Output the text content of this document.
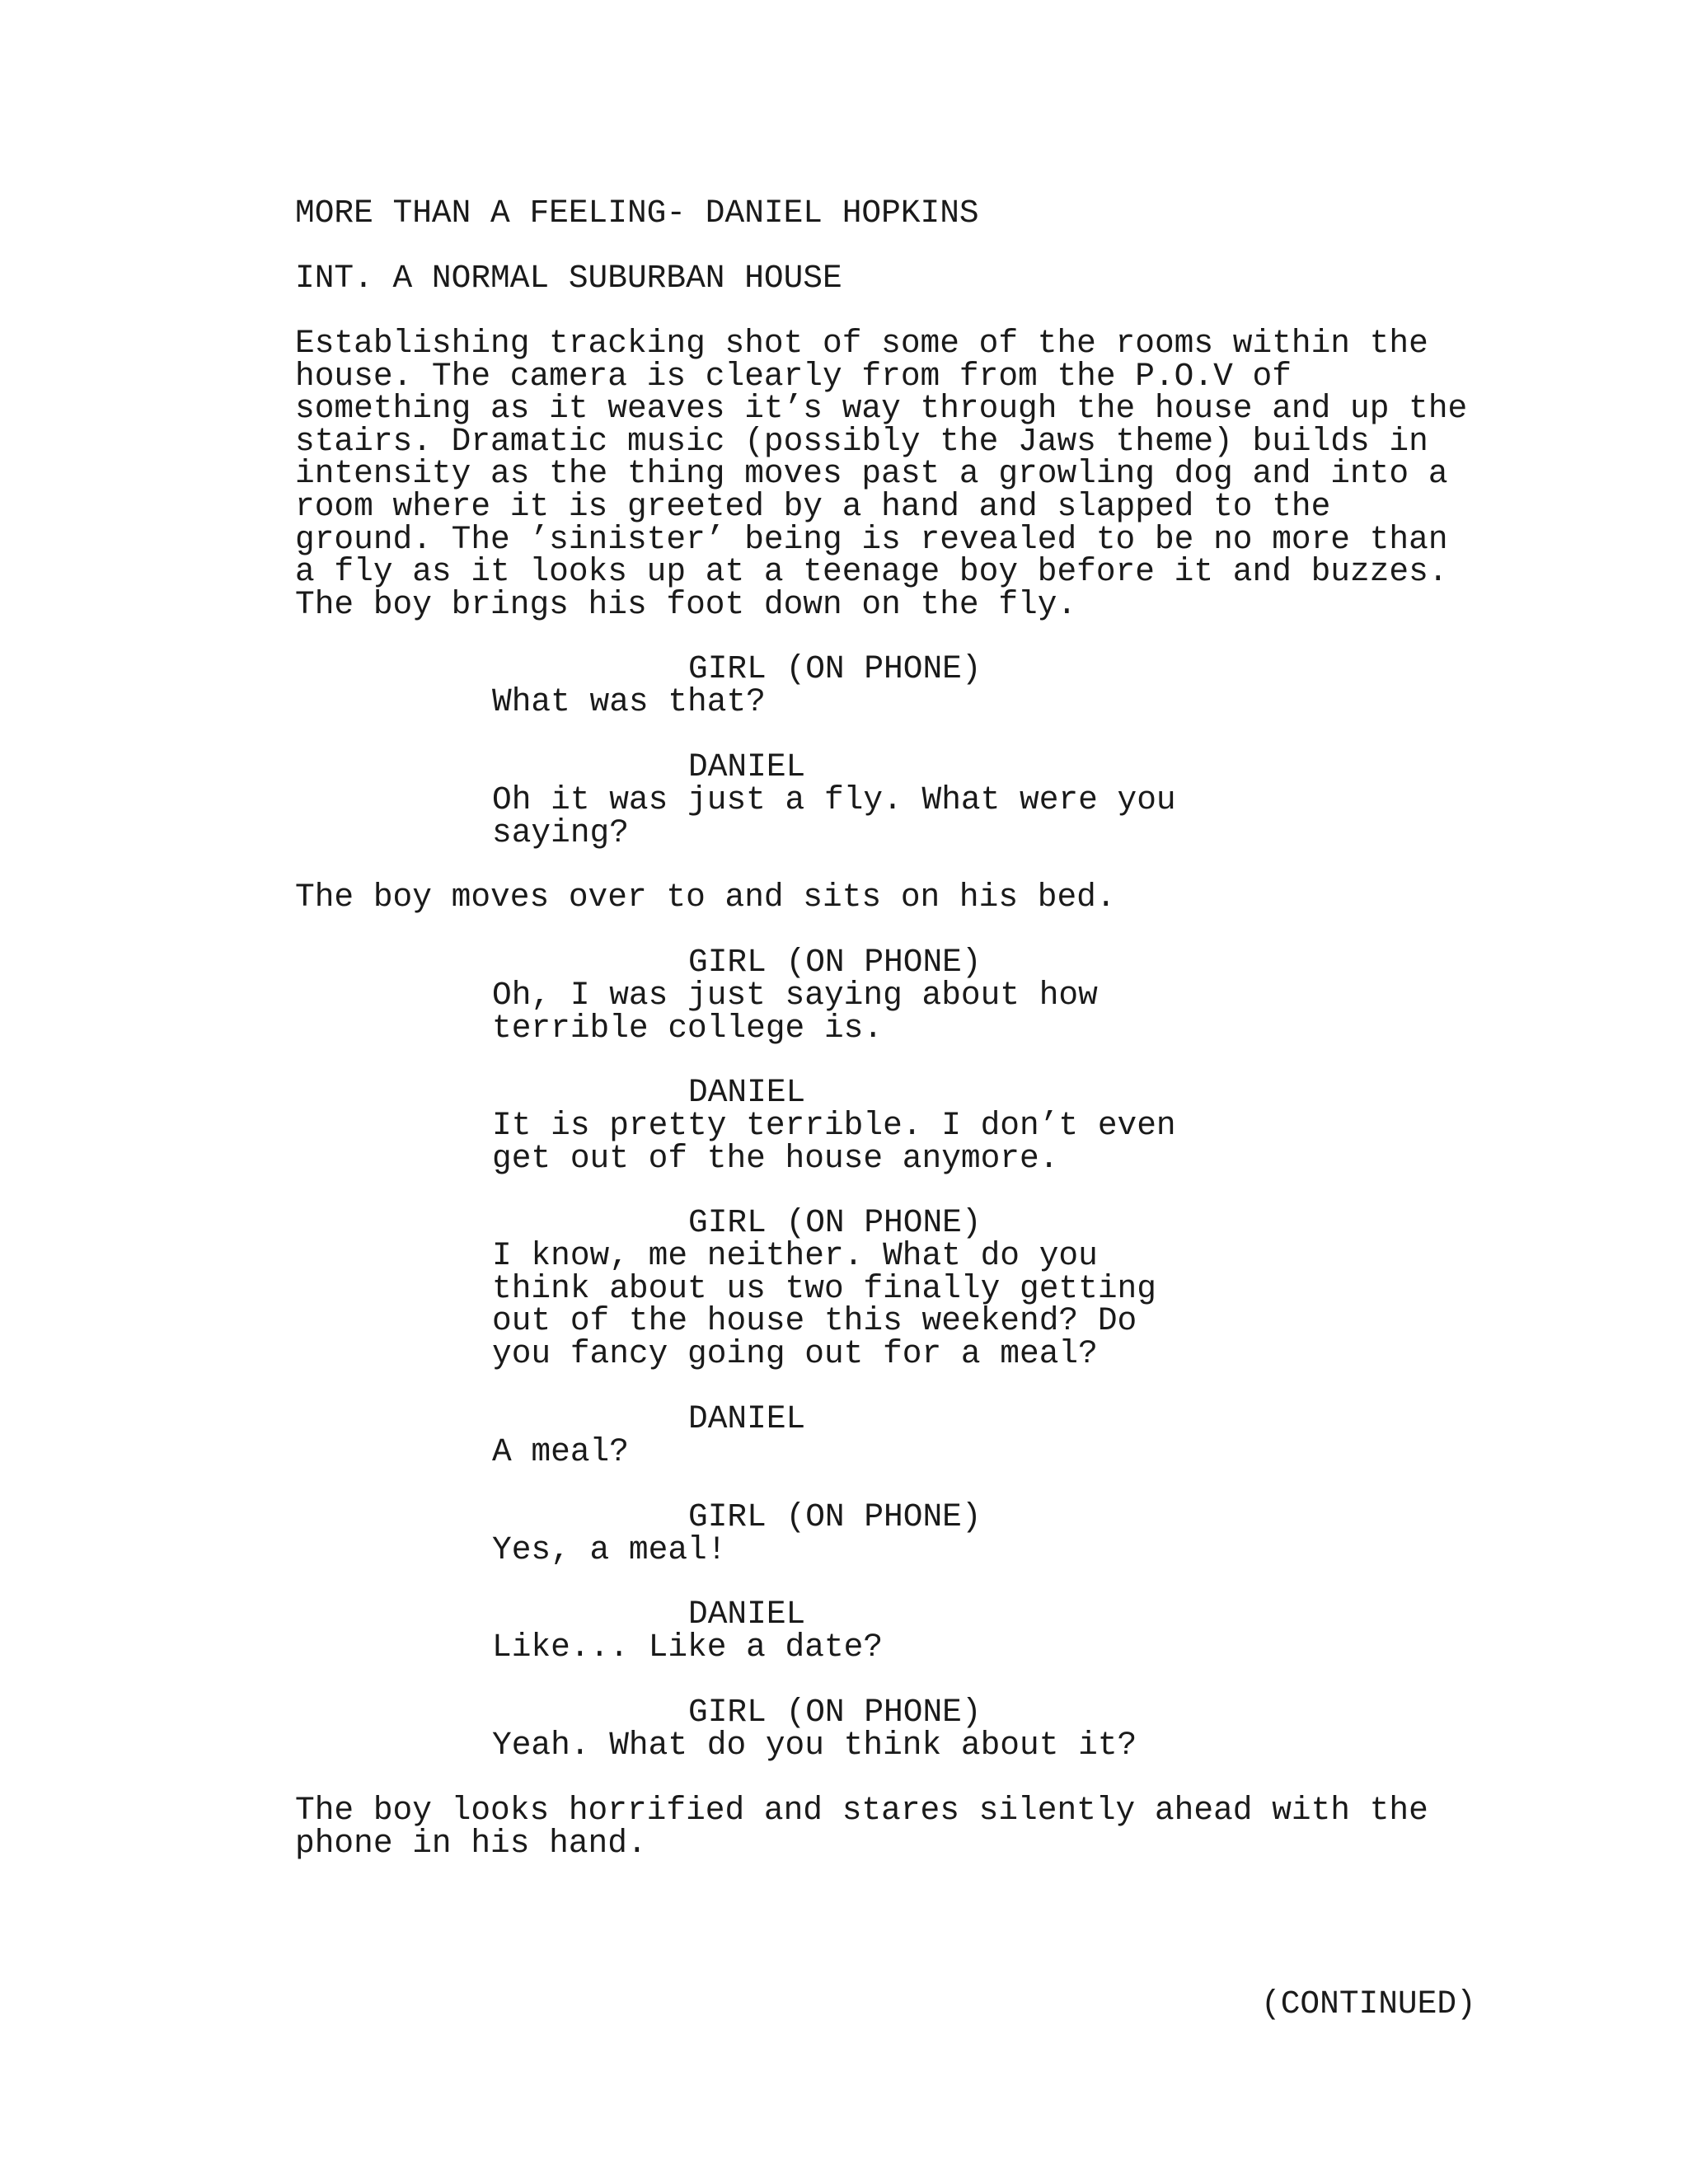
MORE THAN A FEELING- DANIEL HOPKINS
INT. A NORMAL SUBURBAN HOUSE
Establishing tracking shot of some of the rooms within the
house. The camera is clearly from from the P.O.V of
something as it weaves it’s way through the house and up the
stairs. Dramatic music (possibly the Jaws theme) builds in
intensity as the thing moves past a growling dog and into a
room where it is greeted by a hand and slapped to the
ground. The ’sinister’ being is revealed to be no more than
a fly as it looks up at a teenage boy before it and buzzes.
The boy brings his foot down on the fly.
GIRL (ON PHONE)
What was that?
DANIEL
Oh it was just a fly. What were you
saying?
The boy moves over to and sits on his bed.
GIRL (ON PHONE)
Oh, I was just saying about how
terrible college is.
DANIEL
It is pretty terrible. I don’t even
get out of the house anymore.
GIRL (ON PHONE)
I know, me neither. What do you
think about us two finally getting
out of the house this weekend? Do
you fancy going out for a meal?
DANIEL
A meal?
GIRL (ON PHONE)
Yes, a meal!
DANIEL
Like... Like a date?
GIRL (ON PHONE)
Yeah. What do you think about it?
The boy looks horrified and stares silently ahead with the
phone in his hand.
(CONTINUED)
